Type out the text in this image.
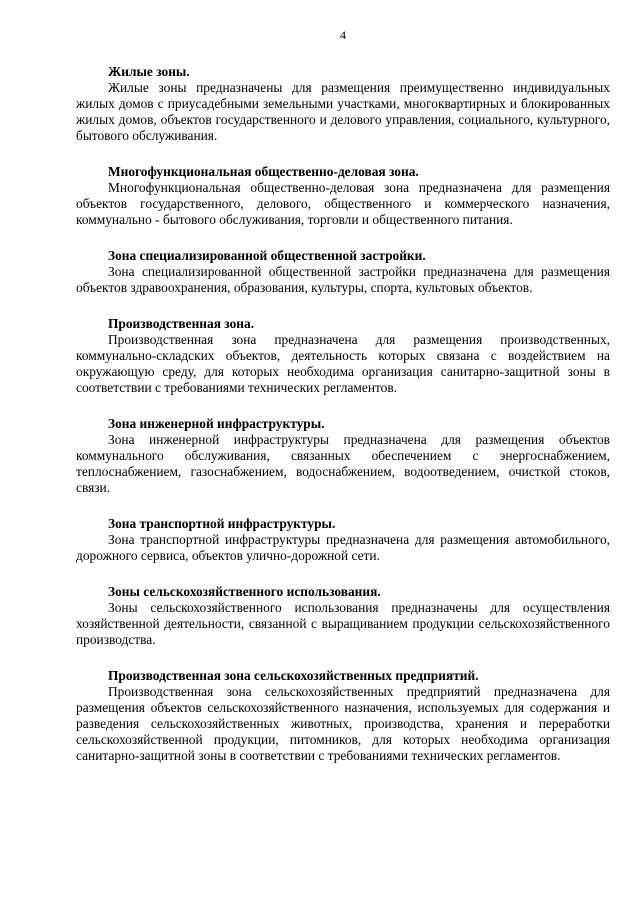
4

Жилые зоны.

Жилые зоны предназначены для размещения преимущественно индивидуальных жилых домов с приусадебными земельными участками, многоквартирных и блокированных жилых домов, объектов государственного и делового управления, социального, культурного, бытового обслуживания.

Многофункциональная общественно-деловая зона.

Многофункциональная общественно-деловая зона предназначена для размещения объектов государственного, делового, общественного и коммерческого назначения, коммунально - бытового обслуживания, торговли и общественного питания.

Зона специализированной общественной застройки.

Зона специализированной общественной застройки предназначена для размещения объектов здравоохранения, образования, культуры, спорта, культовых объектов.

Производственная зона.

Производственная зона предназначена для размещения производственных, коммунально-складских объектов, деятельность которых связана с воздействием на окружающую среду, для которых необходима организация санитарно-защитной зоны в соответствии с требованиями технических регламентов.

Зона инженерной инфраструктуры.

Зона инженерной инфраструктуры предназначена для размещения объектов коммунального обслуживания, связанных обеспечением с энергоснабжением, теплоснабжением, газоснабжением, водоснабжением, водоотведением, очисткой стоков, связи.

Зона транспортной инфраструктуры.

Зона транспортной инфраструктуры предназначена для размещения автомобильного, дорожного сервиса, объектов улично-дорожной сети.

Зоны сельскохозяйственного использования.

Зоны сельскохозяйственного использования предназначены для осуществления хозяйственной деятельности, связанной с выращиванием продукции сельскохозяйственного производства.

Производственная зона сельскохозяйственных предприятий.

Производственная зона сельскохозяйственных предприятий предназначена для размещения объектов сельскохозяйственного назначения, используемых для содержания и разведения сельскохозяйственных животных, производства, хранения и переработки сельскохозяйственной продукции, питомников, для которых необходима организация санитарно-защитной зоны в соответствии с требованиями технических регламентов.
